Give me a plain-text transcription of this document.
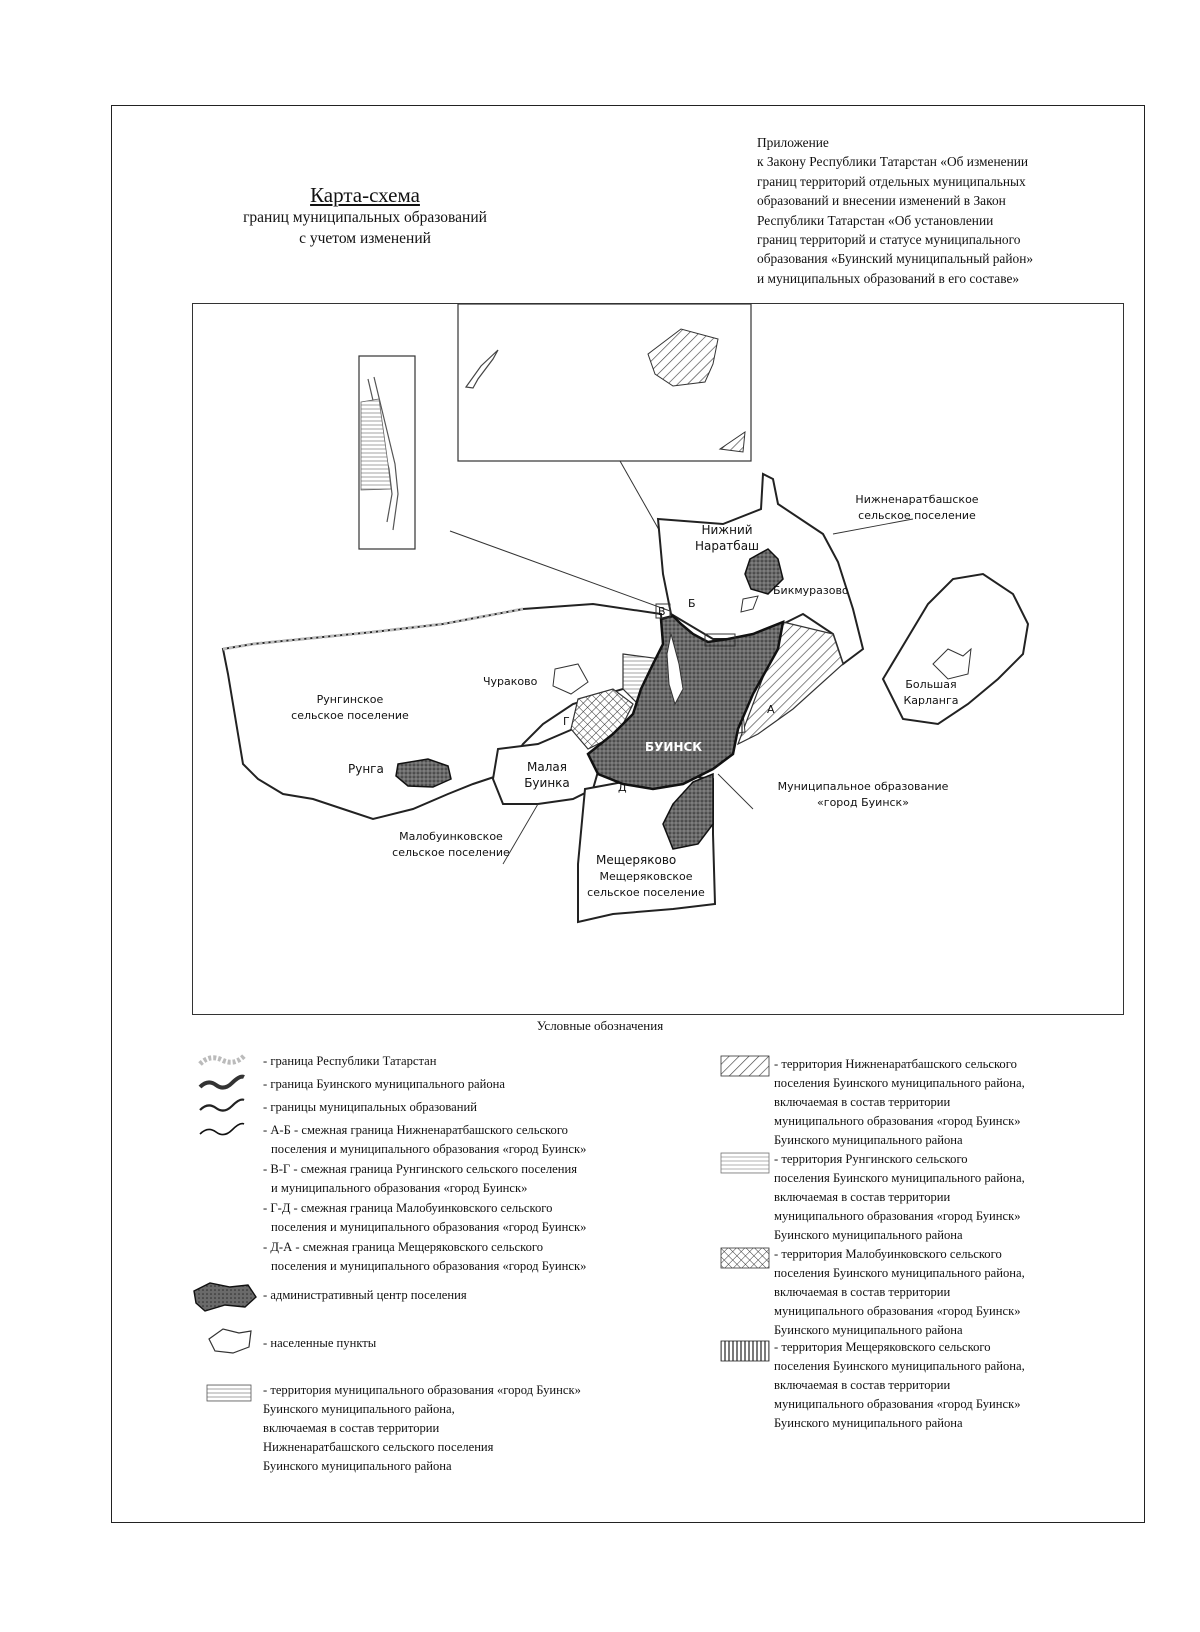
Приложение
к Закону Республики Татарстан «Об изменении
границ территорий отдельных муниципальных
образований и внесении изменений в Закон
Республики Татарстан «Об установлении
границ территорий и статусе муниципального
образования «Буинский муниципальный район»
и муниципальных образований в его составе»
Карта-схема
границ муниципальных образований
с учетом изменений
Нижненаратбашское
сельское поселение
Нижний
Наратбаш
Бикмуразово
Большая
Карланга
Чураково
Рунгинское
сельское поселение
Рунга	Малая
Буинка
БУИНСК
Муниципальное образование
«город Буинск»
Малобуинковское
сельское поселение
Мещеряково
Мещеряковское
сельское поселение
А
Б
В
Г
Д
Условные обозначения
- граница Республики Татарстан
- граница Буинского муниципального района
- границы муниципальных образований
- А-Б - смежная граница Нижненаратбашского сельского
поселения и муниципального образования «город Буинск»
- В-Г - смежная граница Рунгинского сельского поселения
и муниципального образования «город Буинск»
- Г-Д - смежная граница Малобуинковского сельского
поселения и муниципального образования «город Буинск»
- Д-А - смежная граница Мещеряковского сельского
поселения и муниципального образования «город Буинск»
- административный центр поселения
- населенные пункты
- территория муниципального образования «город Буинск»
Буинского муниципального района,
включаемая в состав территории
Нижненаратбашского сельского поселения
Буинского муниципального района
- территория Нижненаратбашского сельского
поселения Буинского муниципального района,
включаемая в состав территории
муниципального образования «город Буинск»
Буинского муниципального района
- территория Рунгинского сельского
поселения Буинского муниципального района,
включаемая в состав территории
муниципального образования «город Буинск»
Буинского муниципального района
- территория Малобуинковского сельского
поселения Буинского муниципального района,
включаемая в состав территории
муниципального образования «город Буинск»
Буинского муниципального района
- территория Мещеряковского сельского
поселения Буинского муниципального района,
включаемая в состав территории
муниципального образования «город Буинск»
Буинского муниципального района
